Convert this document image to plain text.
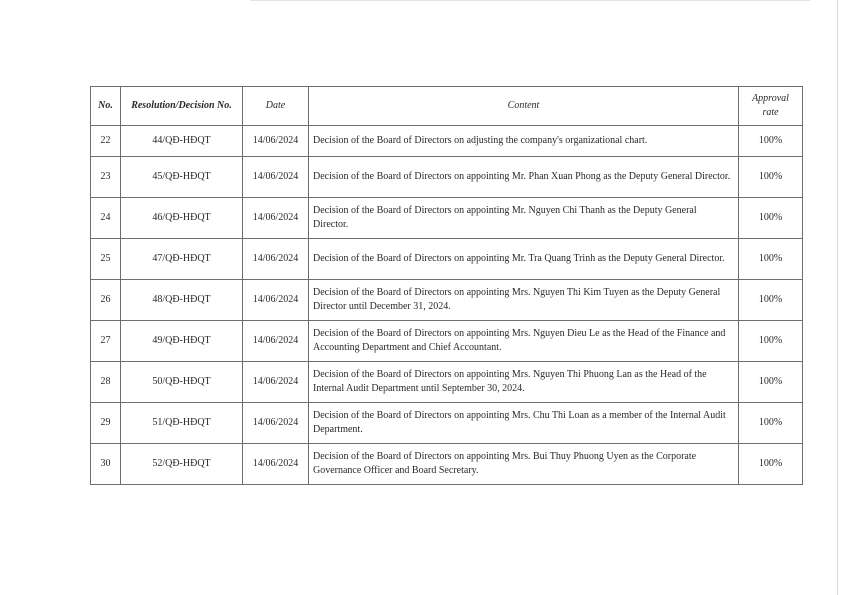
No.	Resolution/Decision No.	Date	Content	Approval rate
22	44/QĐ-HĐQT	14/06/2024	Decision of the Board of Directors on adjusting the company's organizational chart.	100%
23	45/QĐ-HĐQT	14/06/2024	Decision of the Board of Directors on appointing Mr. Phan Xuan Phong as the Deputy General Director.	100%
24	46/QĐ-HĐQT	14/06/2024	Decision of the Board of Directors on appointing Mr. Nguyen Chi Thanh as the Deputy General Director.	100%
25	47/QĐ-HĐQT	14/06/2024	Decision of the Board of Directors on appointing Mr. Tra Quang Trinh as the Deputy General Director.	100%
26	48/QĐ-HĐQT	14/06/2024	Decision of the Board of Directors on appointing Mrs. Nguyen Thi Kim Tuyen as the Deputy General Director until December 31, 2024.	100%
27	49/QĐ-HĐQT	14/06/2024	Decision of the Board of Directors on appointing Mrs. Nguyen Dieu Le as the Head of the Finance and Accounting Department and Chief Accountant.	100%
28	50/QĐ-HĐQT	14/06/2024	Decision of the Board of Directors on appointing Mrs. Nguyen Thi Phuong Lan as the Head of the Internal Audit Department until September 30, 2024.	100%
29	51/QĐ-HĐQT	14/06/2024	Decision of the Board of Directors on appointing Mrs. Chu Thi Loan as a member of the Internal Audit Department.	100%
30	52/QĐ-HĐQT	14/06/2024	Decision of the Board of Directors on appointing Mrs. Bui Thuy Phuong Uyen as the Corporate Governance Officer and Board Secretary.	100%
